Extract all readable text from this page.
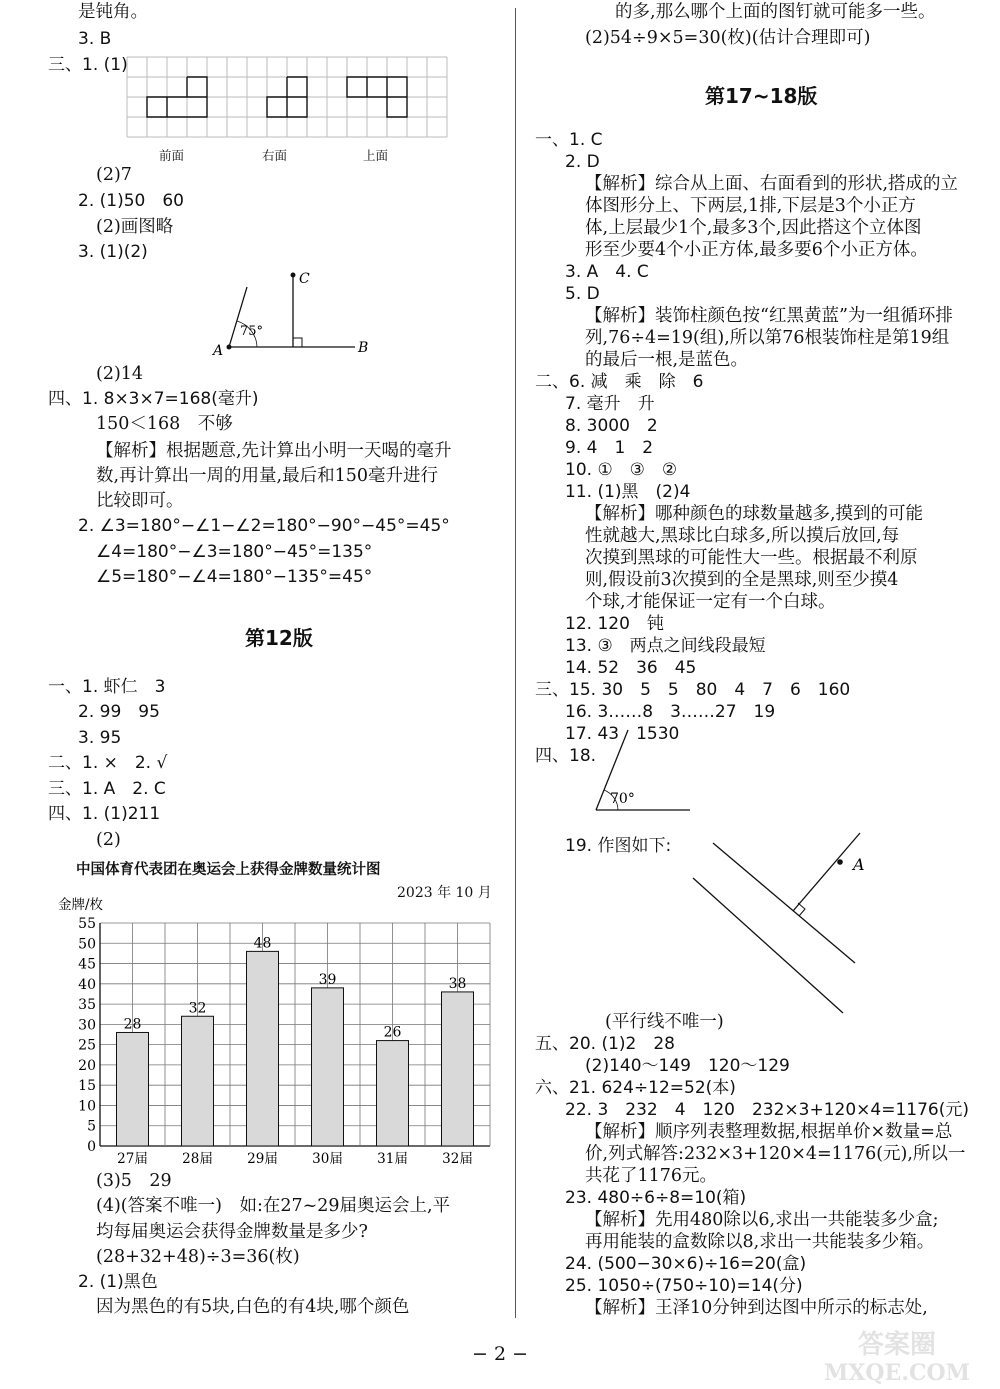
是钝角。
3. B
三、1. (1)
前面	右面	上面
(2)7
2. (1)50　60
(2)画图略
3. (1)(2)
75°
A	B
C
(2)14
四、1. 8×3×7=168(毫升)
150＜168　不够
【解析】根据题意,先计算出小明一天喝的毫升
数,再计算出一周的用量,最后和150毫升进行
比较即可。
2. ∠3=180°−∠1−∠2=180°−90°−45°=45°
∠4=180°−∠3=180°−45°=135°
∠5=180°−∠4=180°−135°=45°
第12版
一、1. 虾仁　3
2. 99　95
3. 95
二、1. ×　2. √
三、1. A　2. C
四、1. (1)211
(2)
中国体育代表团在奥运会上获得金牌数量统计图
2023 年 10 月
0
5
10
15
20
25
30
35
40
45
50
55
28
27届
32
28届
48
29届
39
30届
26
31届
38
32届
金牌/枚
(3)5　29
(4)(答案不唯一)　如:在27~29届奥运会上,平
均每届奥运会获得金牌数量是多少?
(28+32+48)÷3=36(枚)
2. (1)黑色
因为黑色的有5块,白色的有4块,哪个颜色
的多,那么哪个上面的图钉就可能多一些。
(2)54÷9×5=30(枚)(估计合理即可)
第17~18版
一、1. C
2. D
【解析】综合从上面、右面看到的形状,搭成的立
体图形分上、下两层,1排,下层是3个小正方
体,上层最少1个,最多3个,因此搭这个立体图
形至少要4个小正方体,最多要6个小正方体。
3. A　4. C
5. D
【解析】装饰柱颜色按“红黑黄蓝”为一组循环排
列,76÷4=19(组),所以第76根装饰柱是第19组
的最后一根,是蓝色。
二、6. 减　乘　除　6
7. 毫升　升
8. 3000　2
9. 4　1　2
10. ①　③　②
11. (1)黑　(2)4
【解析】哪种颜色的球数量越多,摸到的可能
性就越大,黑球比白球多,所以摸后放回,每
次摸到黑球的可能性大一些。根据最不利原
则,假设前3次摸到的全是黑球,则至少摸4
个球,才能保证一定有一个白球。
12. 120　钝
13. ③　两点之间线段最短
14. 52　36　45
三、15. 30　5　5　80　4　7　6　160
16. 3……8　3……27　19
17. 43　1530
四、18.
70°
19. 作图如下:
A
(平行线不唯一)
五、20. (1)2　28
(2)140～149　120～129
六、21. 624÷12=52(本)
22. 3　232　4　120　232×3+120×4=1176(元)
【解析】顺序列表整理数据,根据单价×数量=总
价,列式解答:232×3+120×4=1176(元),所以一
共花了1176元。
23. 480÷6÷8=10(箱)
【解析】先用480除以6,求出一共能装多少盒;
再用能装的盒数除以8,求出一共能装多少箱。
24. (500−30×6)÷16=20(盒)
25. 1050÷(750÷10)=14(分)
【解析】王泽10分钟到达图中所示的标志处,
− 2 −	答案圈
MXQE.COM
